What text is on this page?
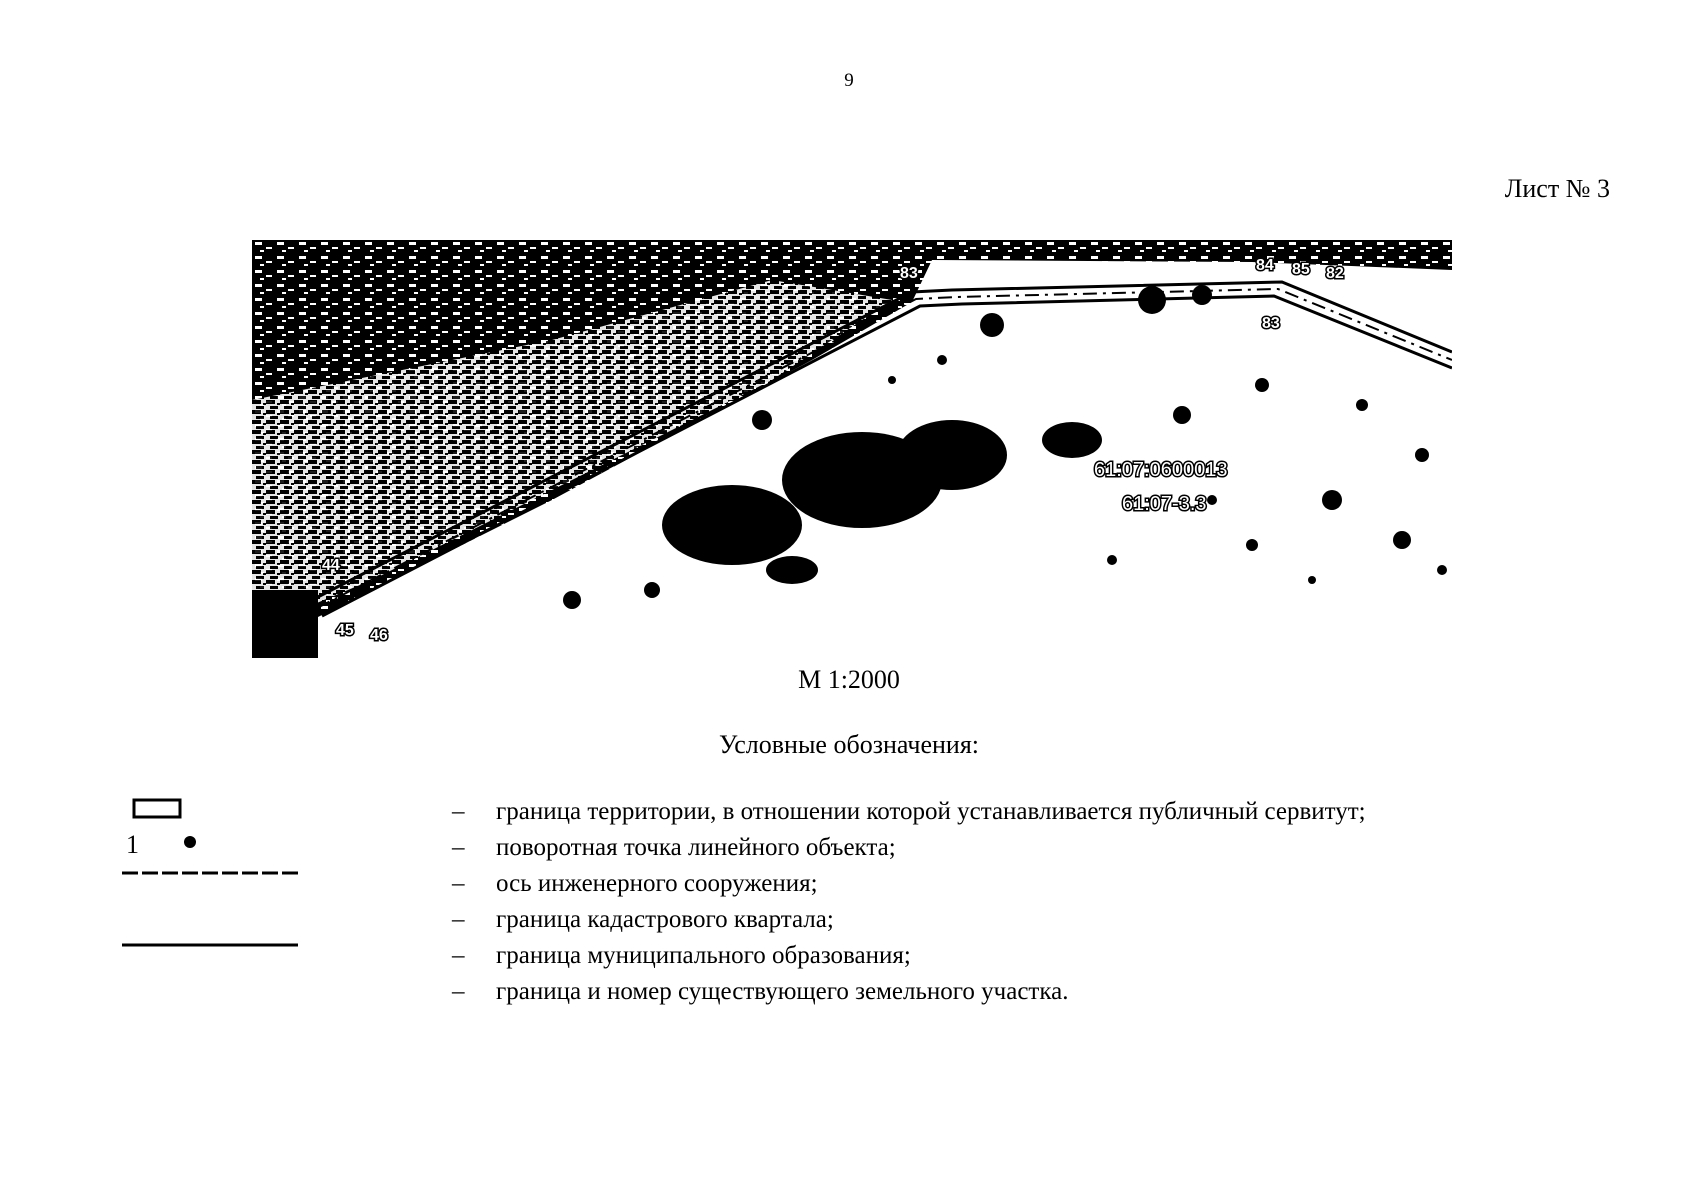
9
Лист № 3
83	84 85 82
83
44
45 46
61:07:0600013
61:07-3.3
М 1:2000
Условные обозначения:
1
– граница территории, в отношении которой устанавливается публичный сервитут;
– поворотная точка линейного объекта;
– ось инженерного сооружения;
– граница кадастрового квартала;
– граница муниципального образования;
– граница и номер существующего земельного участка.
